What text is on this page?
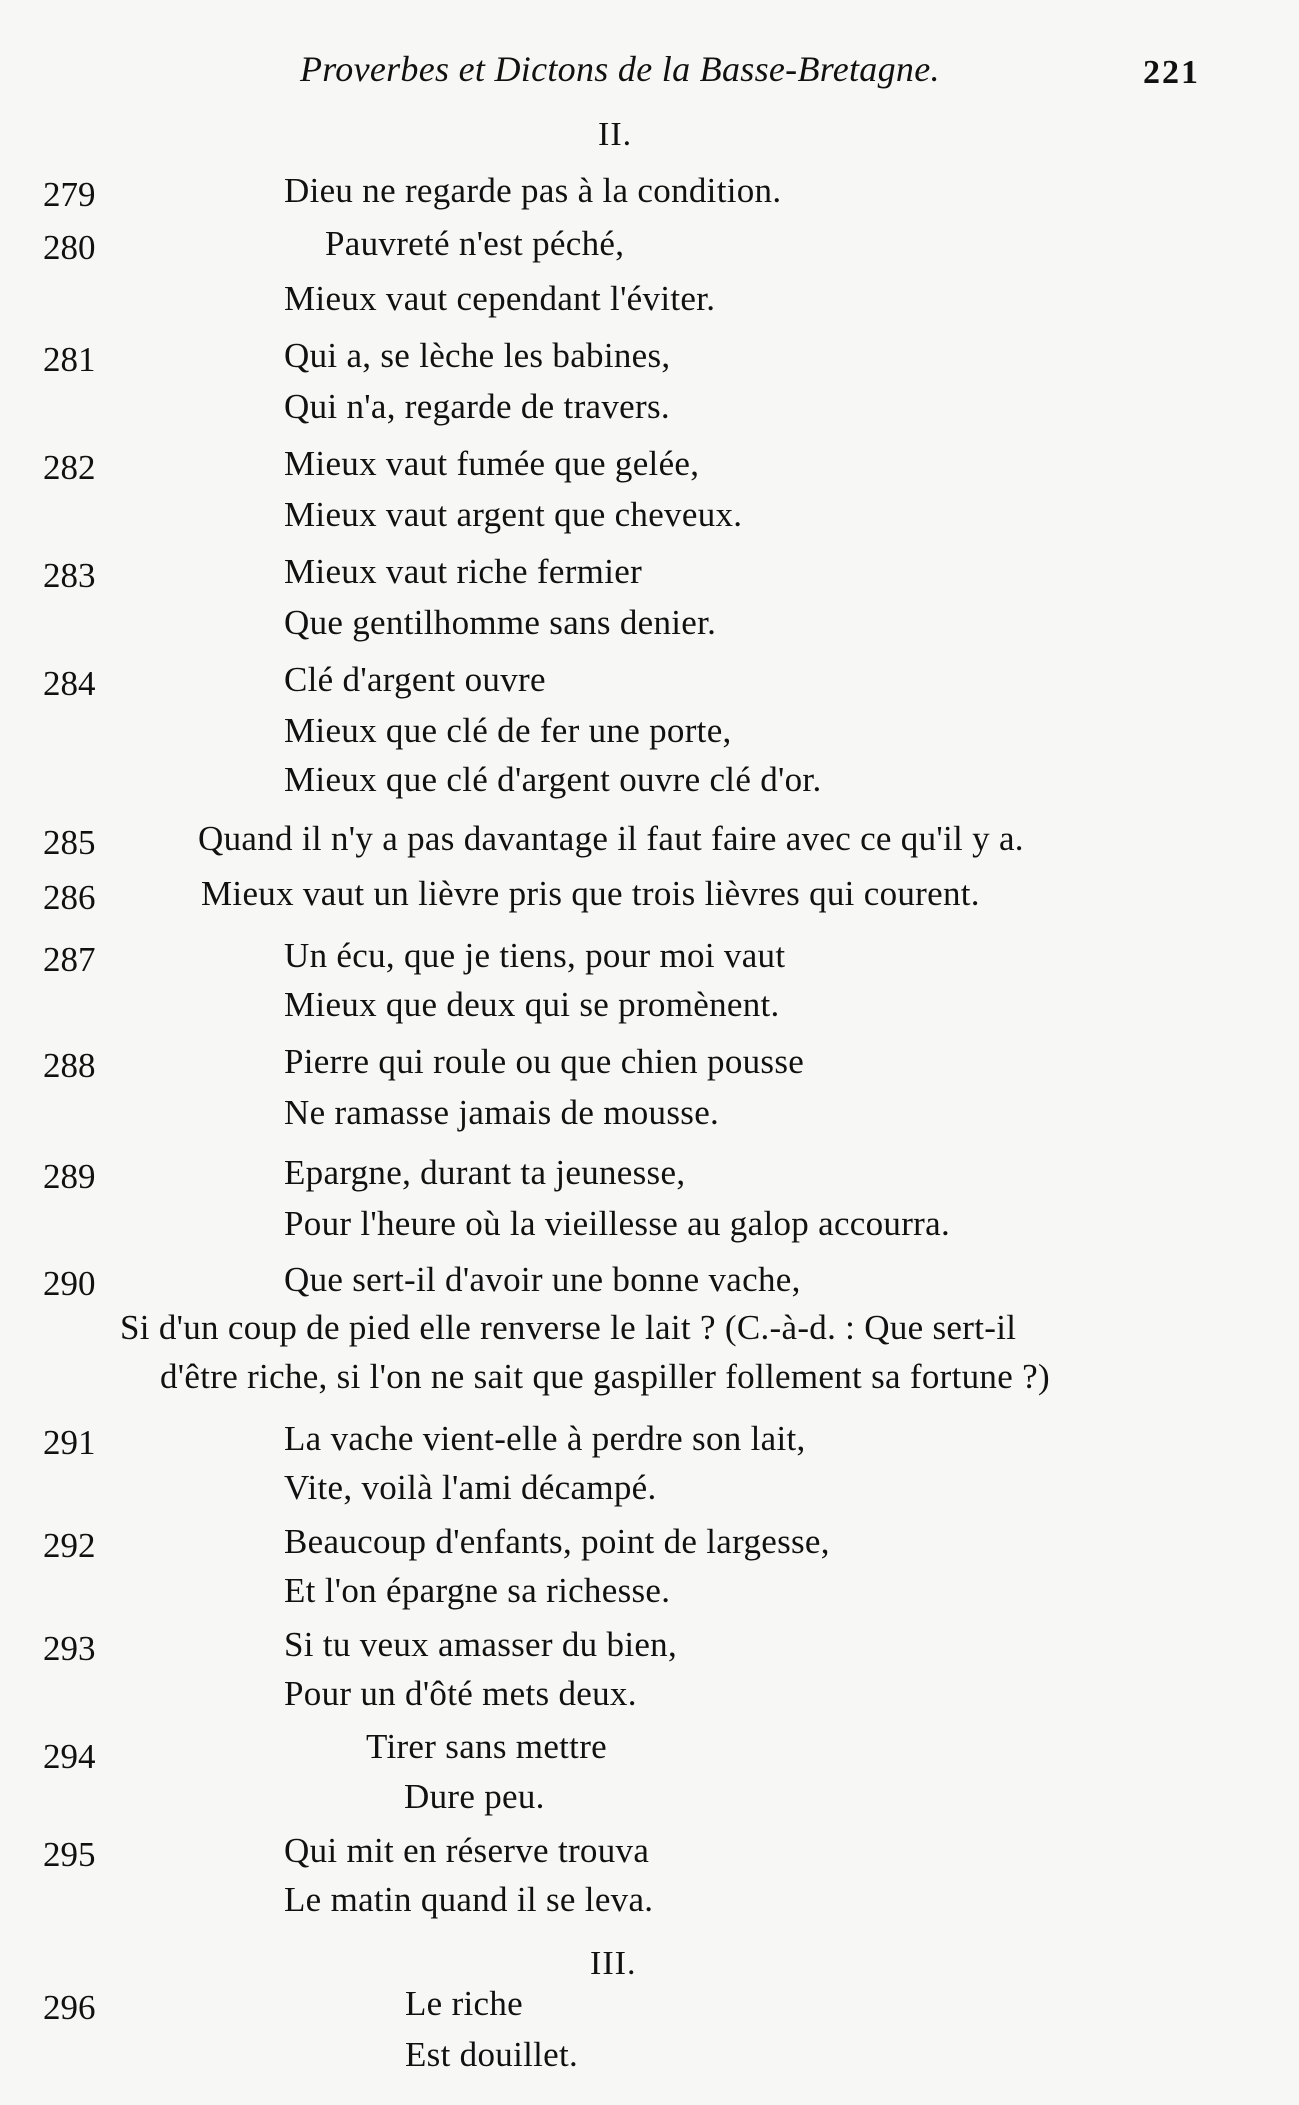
Proverbes et Dictons de la Basse-Bretagne.	221
II.
279	Dieu ne regarde pas à la condition.
280	Pauvreté n'est péché,
Mieux vaut cependant l'éviter.
281	Qui a, se lèche les babines,
Qui n'a, regarde de travers.
282	Mieux vaut fumée que gelée,
Mieux vaut argent que cheveux.
283	Mieux vaut riche fermier
Que gentilhomme sans denier.
284	Clé d'argent ouvre
Mieux que clé de fer une porte,
Mieux que clé d'argent ouvre clé d'or.
285	Quand il n'y a pas davantage il faut faire avec ce qu'il y a.
286	Mieux vaut un lièvre pris que trois lièvres qui courent.
287	Un écu, que je tiens, pour moi vaut
Mieux que deux qui se promènent.
288	Pierre qui roule ou que chien pousse
Ne ramasse jamais de mousse.
289	Epargne, durant ta jeunesse,
Pour l'heure où la vieillesse au galop accourra.
290	Que sert-il d'avoir une bonne vache,
Si d'un coup de pied elle renverse le lait ? (C.-à-d. : Que sert-il
d'être riche, si l'on ne sait que gaspiller follement sa fortune ?)
291	La vache vient-elle à perdre son lait,
Vite, voilà l'ami décampé.
292	Beaucoup d'enfants, point de largesse,
Et l'on épargne sa richesse.
293	Si tu veux amasser du bien,
Pour un d'ôté mets deux.
294	Tirer sans mettre
Dure peu.
295	Qui mit en réserve trouva
Le matin quand il se leva.
III.
296	Le riche
Est douillet.
